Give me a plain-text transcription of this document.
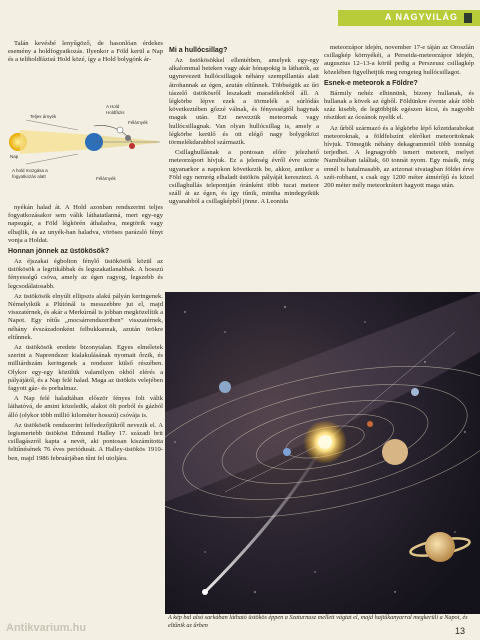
A NAGYVILÁG

Talán kevésbé lenyűgöző, de hasonlóan érdekes esemény a holdfogyatkozás. Ilyenkor a Föld kerül a Nap és a teliholdfázisú Hold közé, így a Hold bolygónk ár-

Teljes árnyék
Nap
A Hold
Holdfázis
Félárnyék
A hold mozgása a
fogyatkozás alatt	Félárnyék

nyékán halad át. A Hold azonban rendszerint teljes fogyatkozásakor sem válik láthatatlanná, mert egy-egy napsugár, a Föld légkörén áthaladva, megtörik vagy elhajlik, és az unyék-ban haladva, vöröses parázsló fényt vonja a Holdat.

Honnan jönnek az üstökösök?

Az éjszakai égbolton fénylő üstökösök közül az üstökösök a legritkábbak és legszakatlanabbak. A hosszú fényességű csóva, amely az égen ragyog, legszebb és legcsodálatosabb.

Az üstökösök elnyúlt ellipszis alakú pályán keringenek. Némelyikük a Plútónál is messzebbre jut el, majd visszatérnek, és akár a Merkúrnál is jobban megközelítik a Napot. Egy rétűs „mocsárrendszeriben” visszatérnek, néhány évszázadonként felbukkannak, azután örökre eltűnnek.

Az üstökösök eredete bizonytalan. Egyes elméletek szerint a Naprendszer kialakulásának nyomait őrzik, és milliárdszám keringenek a rendszer külső részében. Olykor egy-egy közülük valamilyen okból elérés a pályájától, és a Nap felé halad. Maga az üstökös velejében fagyott gáz- és porhalmaz.

A Nap felé haladtában először fényes folt válik láthatóvá, de amint közeledik, alakot ölt porból és gázból álló (olykor több millió kilométer hosszú) csóvája is.

Az üstökösök rendszerint felfedezőjükről nevezik el. A legismertebb üstököst Edmund Halley 17. századi brit csillagászról kapta a nevét, aki pontosan kiszámította feltűnésének 76 éves periódusát. A Halley-üstökös 1910-ben, majd 1986 februárjában tűnt fel utoljára.

Mi a hullócsillag?

Az üstökösökkel ellentétben, amelyek egy-egy alkalommal heteken vagy akár hónapokig is láthatók, az ugynevezett hullócsillagok néhány szempillantás alatt átrohannak az égen, azután eltűnnek. Többségük az űri tászelő üstökösről leszakadt maradékokból áll. A légkörbe lépve ezek a törmelék a súrlódás következtében gőzzé válnak, és fényességtől hagynak maguk után. Ezt nevezzük meteornak vagy hullócsillagnak. Van olyan hullócsillag is, amely a légkörbe kerülő és ott elégő nagy bolygóközi törmelékdarabbol származik.

Csillaghullásnak a pontosan előre jelezhető meteorzáport hívjuk. Ez a jelenség évről évre szinte ugyanarkor a napokon következik be, akkor, amikor a Föld egy nemrég elhaladt üstökös pályáját keresztezi. A csillaghullás telepontján óránként több tucat meteor száll át az égen, és így tűnik, mintha mindegyikük ugyanabból a csillagképből jönne. A Leonida

meteorzápor idején, november 17-e táján az Oroszlán csillagkép környékéi, a Perseida-meteorzápor idején, augusztus 12–13-a körül pedig a Perszeusz csillagkép közelében figyelhetjük meg rengeteg hullócsillagot.

Esnek-e meteorok a Földre?

Bármily nehéz elhinnünk, bizony hullanak, és hullanak a kövek az égből. Földünkre évente akár több száz kisebb, de legtöbbjük egészen kicsi, és nagyobb részüket az óceánok nyelik el.

Az űrből származó és a légkörbe lépő kőzetdarabokat meteoroknak, a földfelszínt elérőket meteoritoknak hívjuk. Tömegük néhány dekagrammtól több tonnáig terjedhet. A legnagyobb ismert meteorit, melyet Namíbiában találtak, 60 tonnát nyom. Egy másik, még ennél is hatalmasabb, az arizonai sivatagban földet érve szét-robbant, s csak egy 1200 méter átmérőjű és közel 200 méter mély meteorkrátert hagyott maga után.

A kép bal alsó sarkában látható üstökös éppen a Szaturnusz mellett vágtat el, majd hajtűkanyarral megkerüli a Napot, és eltűnik az űrben
13
Antikvarium.hu
